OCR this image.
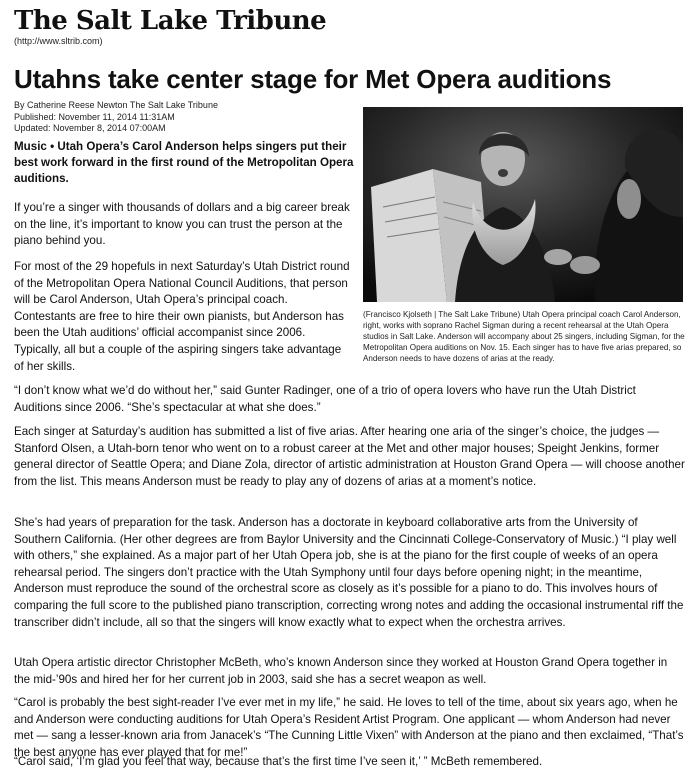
The Salt Lake Tribune
(http://www.sltrib.com)
Utahns take center stage for Met Opera auditions
By Catherine Reese Newton The Salt Lake Tribune
Published: November 11, 2014 11:31AM
Updated: November 8, 2014 07:00AM

Music • Utah Opera’s Carol Anderson helps singers put their best work forward in the first round of the Metropolitan Opera auditions.

(Francisco Kjolseth | The Salt Lake Tribune) Utah Opera principal coach Carol Anderson, right, works with soprano Rachel Sigman during a recent rehearsal at the Utah Opera studios in Salt Lake. Anderson will accompany about 25 singers, including Sigman, for the Metropolitan Opera auditions on Nov. 15. Each singer has to have five arias prepared, so Anderson needs to have dozens of arias at the ready.

If you’re a singer with thousands of dollars and a big career break on the line, it’s important to know you can trust the person at the piano behind you.

For most of the 29 hopefuls in next Saturday’s Utah District round of the Metropolitan Opera National Council Auditions, that person will be Carol Anderson, Utah Opera’s principal coach. Contestants are free to hire their own pianists, but Anderson has been the Utah auditions’ official accompanist since 2006. Typically, all but a couple of the aspiring singers take advantage of her skills.

“I don’t know what we’d do without her,” said Gunter Radinger, one of a trio of opera lovers who have run the Utah District Auditions since 2006. “She’s spectacular at what she does.”

Each singer at Saturday’s audition has submitted a list of five arias. After hearing one aria of the singer’s choice, the judges — Stanford Olsen, a Utah-born tenor who went on to a robust career at the Met and other major houses; Speight Jenkins, former general director of Seattle Opera; and Diane Zola, director of artistic administration at Houston Grand Opera — will choose another from the list. This means Anderson must be ready to play any of dozens of arias at a moment’s notice.

She’s had years of preparation for the task. Anderson has a doctorate in keyboard collaborative arts from the University of Southern California. (Her other degrees are from Baylor University and the Cincinnati College-Conservatory of Music.) “I play well with others,” she explained. As a major part of her Utah Opera job, she is at the piano for the first couple of weeks of an opera rehearsal period. The singers don’t practice with the Utah Symphony until four days before opening night; in the meantime, Anderson must reproduce the sound of the orchestral score as closely as it’s possible for a piano to do. This involves hours of comparing the full score to the published piano transcription, correcting wrong notes and adding the occasional instrumental riff the transcriber didn’t include, all so that the singers will know exactly what to expect when the orchestra arrives.

Utah Opera artistic director Christopher McBeth, who’s known Anderson since they worked at Houston Grand Opera together in the mid-’90s and hired her for her current job in 2003, said she has a secret weapon as well.

“Carol is probably the best sight-reader I’ve ever met in my life,” he said. He loves to tell of the time, about six years ago, when he and Anderson were conducting auditions for Utah Opera’s Resident Artist Program. One applicant — whom Anderson had never met — sang a lesser-known aria from Janacek’s “The Cunning Little Vixen” with Anderson at the piano and then exclaimed, “That’s the best anyone has ever played that for me!”

“Carol said, ‘I’m glad you feel that way, because that’s the first time I’ve seen it,’ ” McBeth remembered.
